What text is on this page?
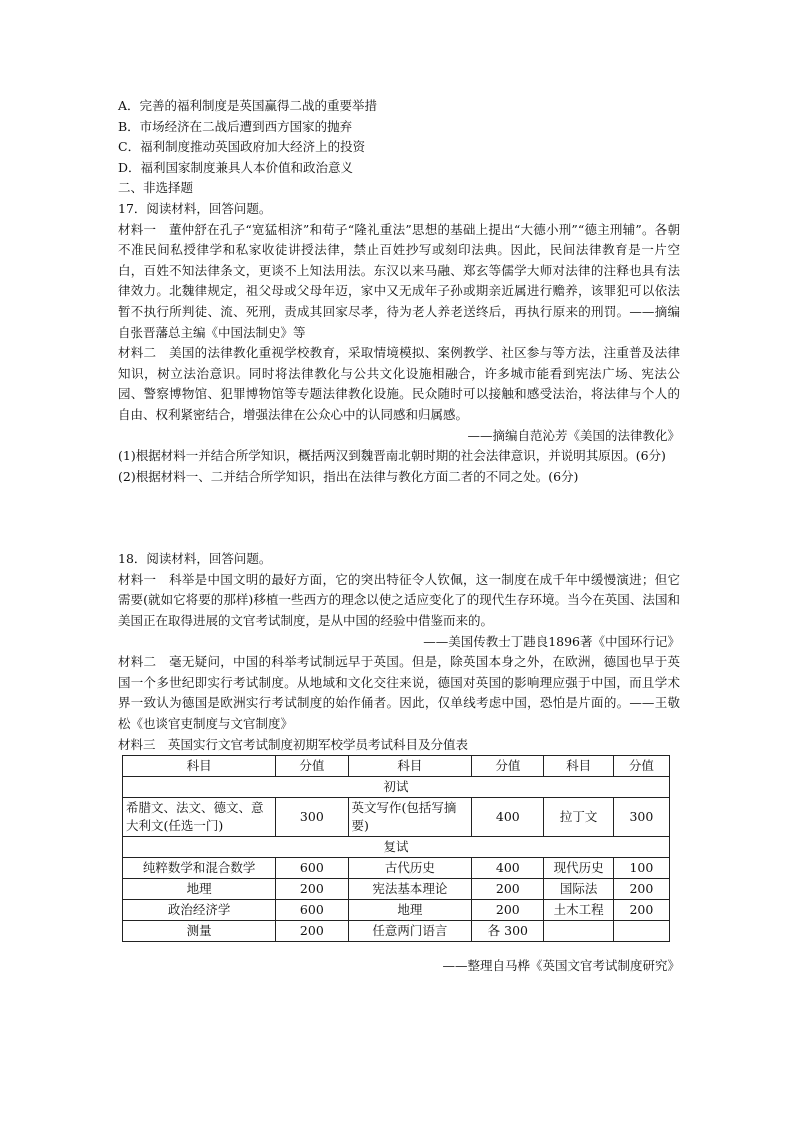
A．完善的福利制度是英国赢得二战的重要举措
B．市场经济在二战后遭到西方国家的抛弃
C．福利制度推动英国政府加大经济上的投资
D．福利国家制度兼具人本价值和政治意义
二、非选择题
17．阅读材料，回答问题。
材料一　董仲舒在孔子“宽猛相济”和荀子“隆礼重法”思想的基础上提出“大德小刑”“德主刑辅”。各朝不准民间私授律学和私家收徒讲授法律，禁止百姓抄写或刻印法典。因此，民间法律教育是一片空白，百姓不知法律条文，更谈不上知法用法。东汉以来马融、郑玄等儒学大师对法律的注释也具有法律效力。北魏律规定，祖父母或父母年迈，家中又无成年子孙或期亲近属进行赡养，该罪犯可以依法暂不执行所判徒、流、死刑，责成其回家尽孝，待为老人养老送终后，再执行原来的刑罚。——摘编自张晋藩总主编《中国法制史》等
材料二　美国的法律教化重视学校教育，采取情境模拟、案例教学、社区参与等方法，注重普及法律知识，树立法治意识。同时将法律教化与公共文化设施相融合，许多城市能看到宪法广场、宪法公园、警察博物馆、犯罪博物馆等专题法律教化设施。民众随时可以接触和感受法治，将法律与个人的自由、权利紧密结合，增强法律在公众心中的认同感和归属感。
——摘编自范沁芳《美国的法律教化》
(1)根据材料一并结合所学知识，概括两汉到魏晋南北朝时期的社会法律意识，并说明其原因。(6分)
(2)根据材料一、二并结合所学知识，指出在法律与教化方面二者的不同之处。(6分)
18．阅读材料，回答问题。
材料一　科举是中国文明的最好方面，它的突出特征令人钦佩，这一制度在成千年中缓慢演进；但它需要(就如它将要的那样)移植一些西方的理念以使之适应变化了的现代生存环境。当今在英国、法国和美国正在取得进展的文官考试制度，是从中国的经验中借鉴而来的。
——美国传教士丁韪良1896著《中国环行记》
材料二　毫无疑问，中国的科举考试制远早于英国。但是，除英国本身之外，在欧洲，德国也早于英国一个多世纪即实行考试制度。从地域和文化交往来说，德国对英国的影响理应强于中国，而且学术界一致认为德国是欧洲实行考试制度的始作俑者。因此，仅单线考虑中国，恐怕是片面的。——王敬松《也谈官吏制度与文官制度》
材料三　英国实行文官考试制度初期军校学员考试科目及分值表
科目	分值	科目	分值	科目	分值
初试					
希腊文、法文、德文、意大利文(任选一门)	300	英文写作(包括写摘要)	400	拉丁文	300
复试					
纯粹数学和混合数学	600	古代历史	400	现代历史	100
地理	200	宪法基本理论	200	国际法	200
政治经济学	600	地理	200	土木工程	200
测量	200	任意两门语言	各 300		
——整理自马桦《英国文官考试制度研究》
